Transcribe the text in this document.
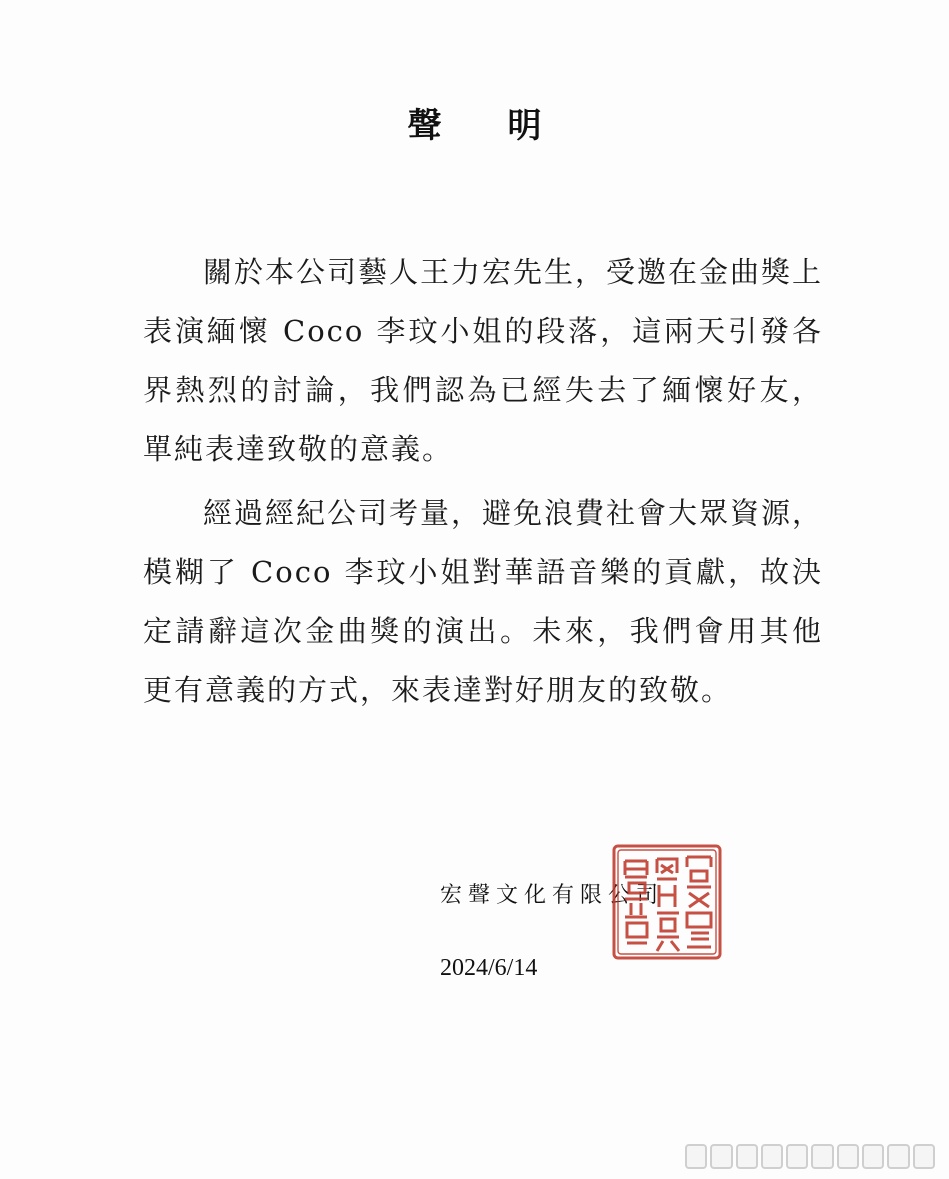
聲明

關於本公司藝人王力宏先生，受邀在金曲獎上表演緬懷 Coco 李玟小姐的段落，這兩天引發各界熱烈的討論，我們認為已經失去了緬懷好友，單純表達致敬的意義。

經過經紀公司考量，避免浪費社會大眾資源，模糊了 Coco 李玟小姐對華語音樂的貢獻，故決定請辭這次金曲獎的演出。未來，我們會用其他更有意義的方式，來表達對好朋友的致敬。

宏聲文化有限公司
2024/6/14
